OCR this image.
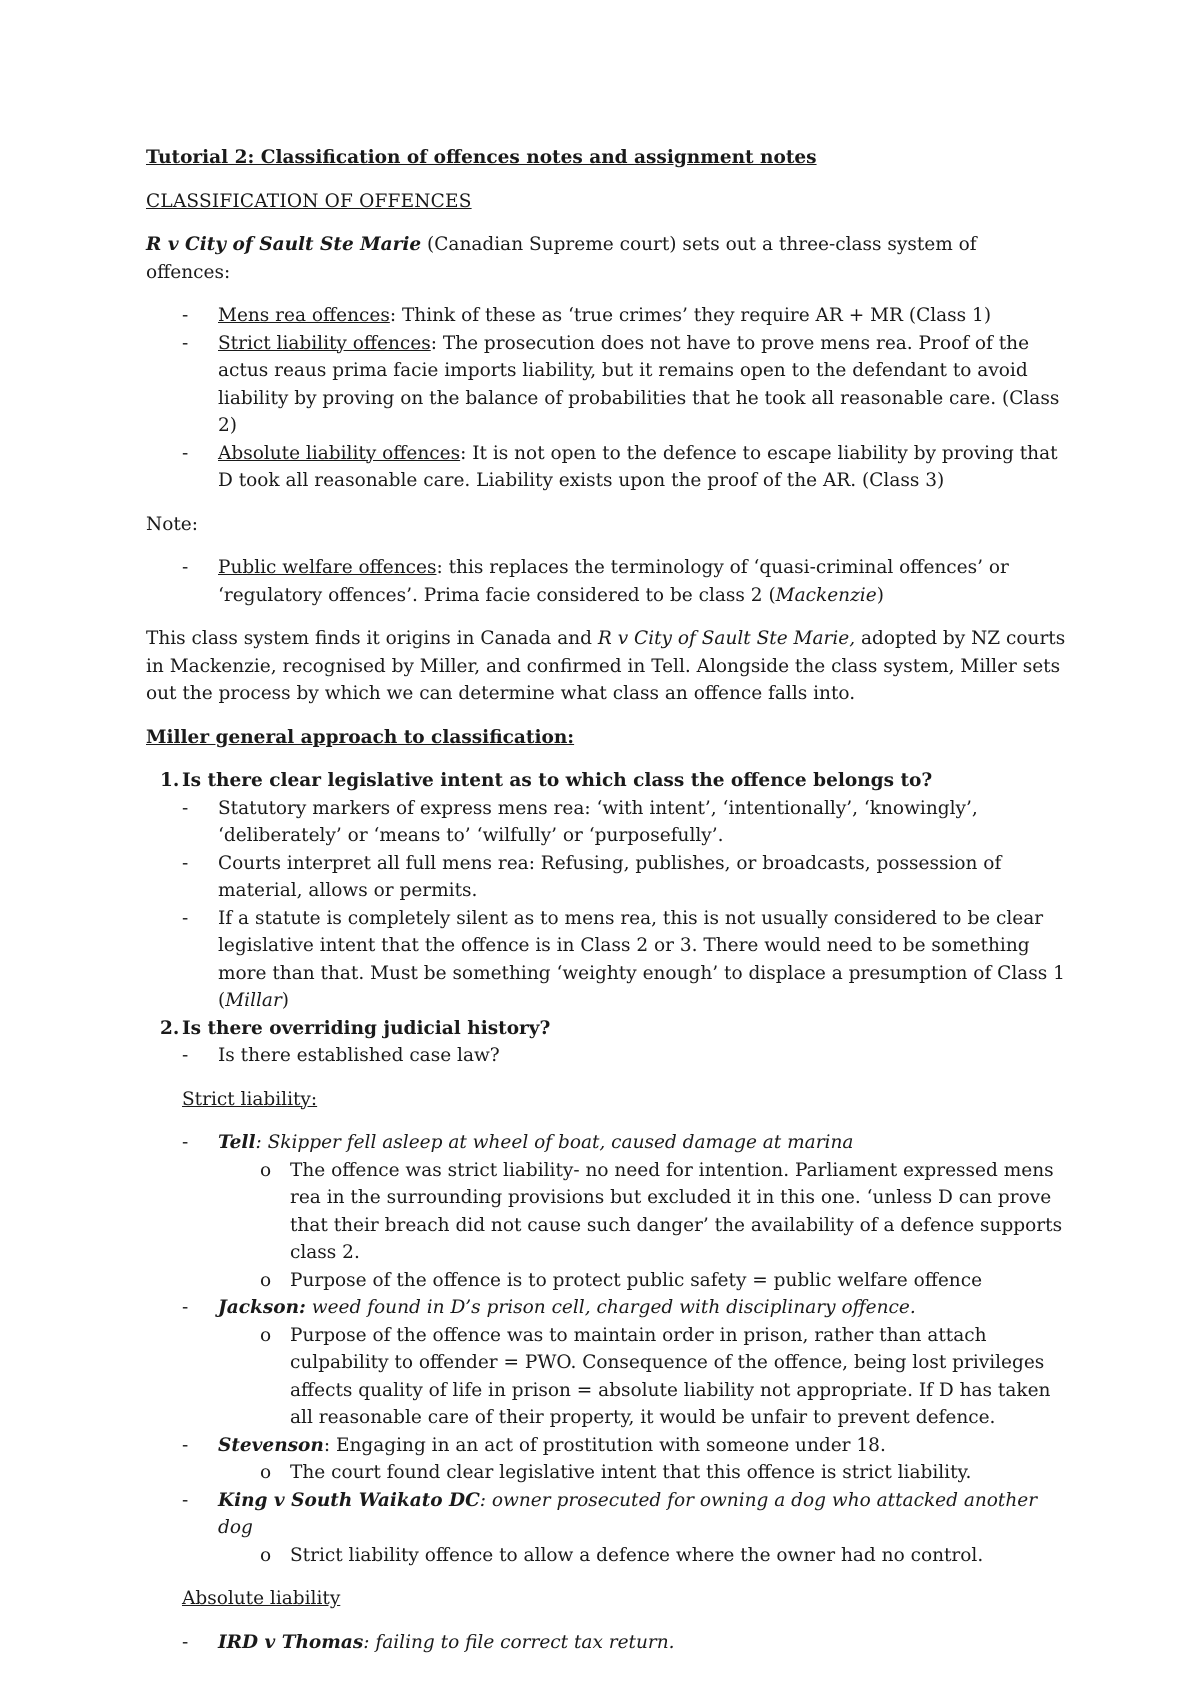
Tutorial 2: Classification of offences notes and assignment notes

CLASSIFICATION OF OFFENCES

R v City of Sault Ste Marie (Canadian Supreme court) sets out a three-class system of offences:

- Mens rea offences: Think of these as ‘true crimes’ they require AR + MR (Class 1)
- Strict liability offences: The prosecution does not have to prove mens rea. Proof of the actus reaus prima facie imports liability, but it remains open to the defendant to avoid liability by proving on the balance of probabilities that he took all reasonable care. (Class 2)
- Absolute liability offences: It is not open to the defence to escape liability by proving that D took all reasonable care. Liability exists upon the proof of the AR. (Class 3)

Note:

- Public welfare offences: this replaces the terminology of ‘quasi-criminal offences’ or ‘regulatory offences’. Prima facie considered to be class 2 (Mackenzie)

This class system finds it origins in Canada and R v City of Sault Ste Marie, adopted by NZ courts in Mackenzie, recognised by Miller, and confirmed in Tell. Alongside the class system, Miller sets out the process by which we can determine what class an offence falls into.

Miller general approach to classification:

1. Is there clear legislative intent as to which class the offence belongs to?
- Statutory markers of express mens rea: ‘with intent’, ‘intentionally’, ‘knowingly’, ‘deliberately’ or ‘means to’ ‘wilfully’ or ‘purposefully’.
- Courts interpret all full mens rea: Refusing, publishes, or broadcasts, possession of material, allows or permits.
- If a statute is completely silent as to mens rea, this is not usually considered to be clear legislative intent that the offence is in Class 2 or 3. There would need to be something more than that. Must be something ‘weighty enough’ to displace a presumption of Class 1 (Millar)
2. Is there overriding judicial history?
- Is there established case law?

Strict liability:

- Tell: Skipper fell asleep at wheel of boat, caused damage at marina
o The offence was strict liability- no need for intention. Parliament expressed mens rea in the surrounding provisions but excluded it in this one. ‘unless D can prove that their breach did not cause such danger’ the availability of a defence supports class 2.
o Purpose of the offence is to protect public safety = public welfare offence
- Jackson: weed found in D’s prison cell, charged with disciplinary offence.
o Purpose of the offence was to maintain order in prison, rather than attach culpability to offender = PWO. Consequence of the offence, being lost privileges affects quality of life in prison = absolute liability not appropriate. If D has taken all reasonable care of their property, it would be unfair to prevent defence.
- Stevenson: Engaging in an act of prostitution with someone under 18.
o The court found clear legislative intent that this offence is strict liability.
- King v South Waikato DC: owner prosecuted for owning a dog who attacked another dog
o Strict liability offence to allow a defence where the owner had no control.

Absolute liability

- IRD v Thomas: failing to file correct tax return.
